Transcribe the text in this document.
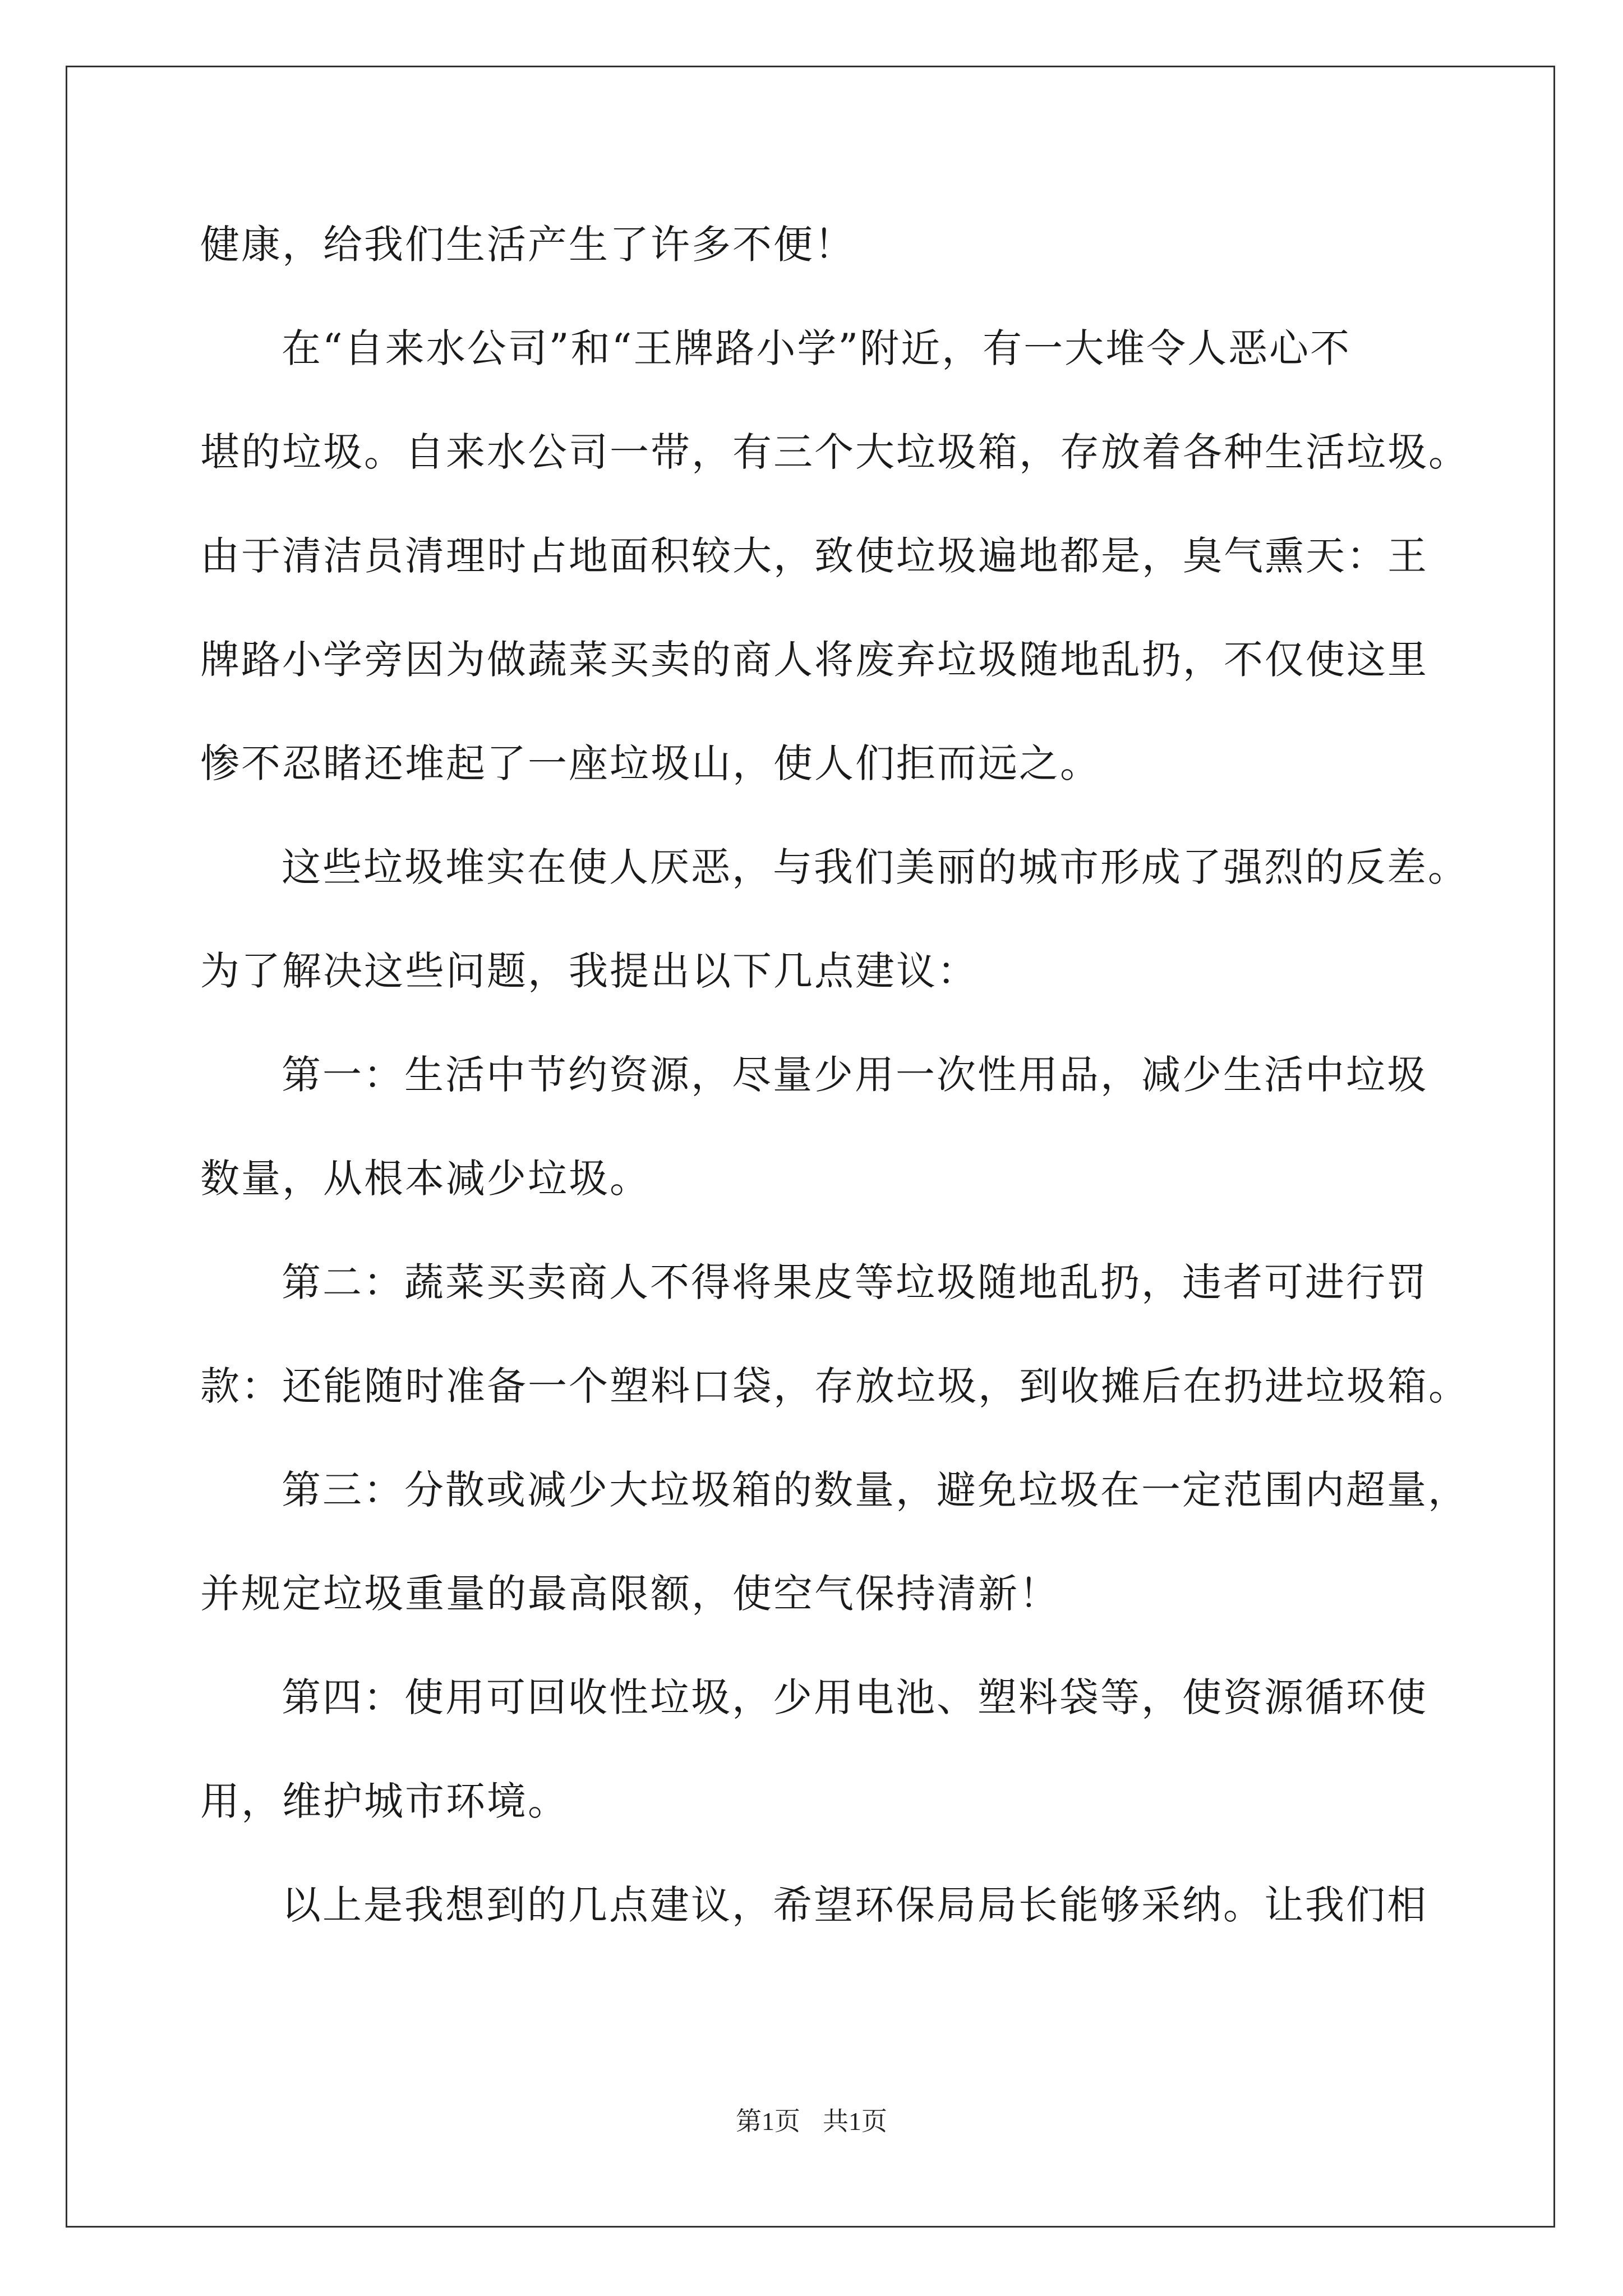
健康，给我们生活产生了许多不便！
在“自来水公司”和“王牌路小学”附近，有一大堆令人恶心不
堪的垃圾。自来水公司一带，有三个大垃圾箱，存放着各种生活垃圾。
由于清洁员清理时占地面积较大，致使垃圾遍地都是，臭气熏天：王
牌路小学旁因为做蔬菜买卖的商人将废弃垃圾随地乱扔，不仅使这里
惨不忍睹还堆起了一座垃圾山，使人们拒而远之。
这些垃圾堆实在使人厌恶，与我们美丽的城市形成了强烈的反差。
为了解决这些问题，我提出以下几点建议：
第一：生活中节约资源，尽量少用一次性用品，减少生活中垃圾
数量，从根本减少垃圾。
第二：蔬菜买卖商人不得将果皮等垃圾随地乱扔，违者可进行罚
款：还能随时准备一个塑料口袋，存放垃圾，到收摊后在扔进垃圾箱。
第三：分散或减少大垃圾箱的数量，避免垃圾在一定范围内超量，
并规定垃圾重量的最高限额，使空气保持清新！
第四：使用可回收性垃圾，少用电池、塑料袋等，使资源循环使
用，维护城市环境。
以上是我想到的几点建议，希望环保局局长能够采纳。让我们相
第1页 共1页
